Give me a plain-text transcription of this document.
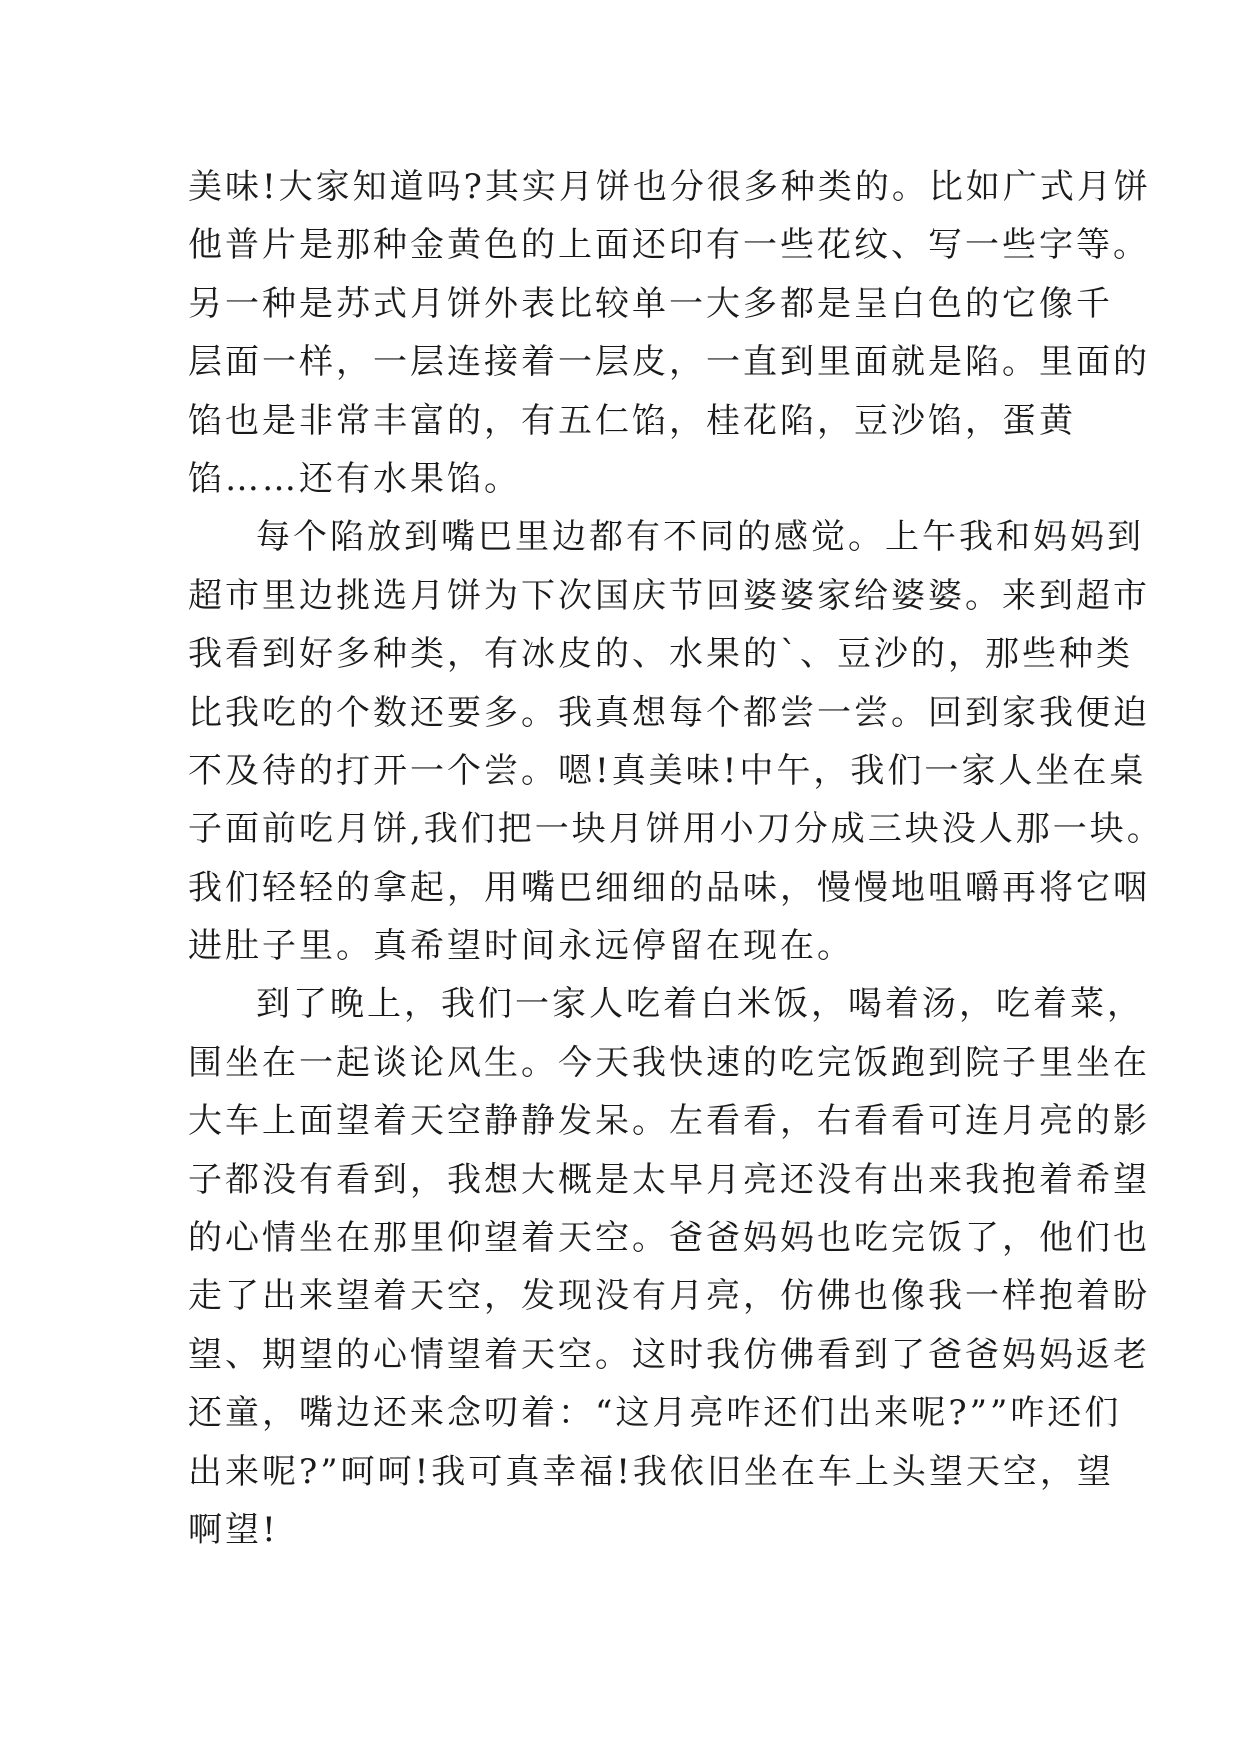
美味!大家知道吗?其实月饼也分很多种类的。比如广式月饼
他普片是那种金黄色的上面还印有一些花纹、写一些字等。
另一种是苏式月饼外表比较单一大多都是呈白色的它像千
层面一样，一层连接着一层皮，一直到里面就是陷。里面的
馅也是非常丰富的，有五仁馅，桂花陷，豆沙馅，蛋黄
馅……还有水果馅。
每个陷放到嘴巴里边都有不同的感觉。上午我和妈妈到
超市里边挑选月饼为下次国庆节回婆婆家给婆婆。来到超市
我看到好多种类，有冰皮的、水果的`、豆沙的，那些种类
比我吃的个数还要多。我真想每个都尝一尝。回到家我便迫
不及待的打开一个尝。嗯!真美味!中午，我们一家人坐在桌
子面前吃月饼,我们把一块月饼用小刀分成三块没人那一块。
我们轻轻的拿起，用嘴巴细细的品味，慢慢地咀嚼再将它咽
进肚子里。真希望时间永远停留在现在。
到了晚上，我们一家人吃着白米饭，喝着汤，吃着菜，
围坐在一起谈论风生。今天我快速的吃完饭跑到院子里坐在
大车上面望着天空静静发呆。左看看，右看看可连月亮的影
子都没有看到，我想大概是太早月亮还没有出来我抱着希望
的心情坐在那里仰望着天空。爸爸妈妈也吃完饭了，他们也
走了出来望着天空，发现没有月亮，仿佛也像我一样抱着盼
望、期望的心情望着天空。这时我仿佛看到了爸爸妈妈返老
还童，嘴边还来念叨着：“这月亮咋还们出来呢?””咋还们
出来呢?”呵呵!我可真幸福!我依旧坐在车上头望天空，望
啊望!
